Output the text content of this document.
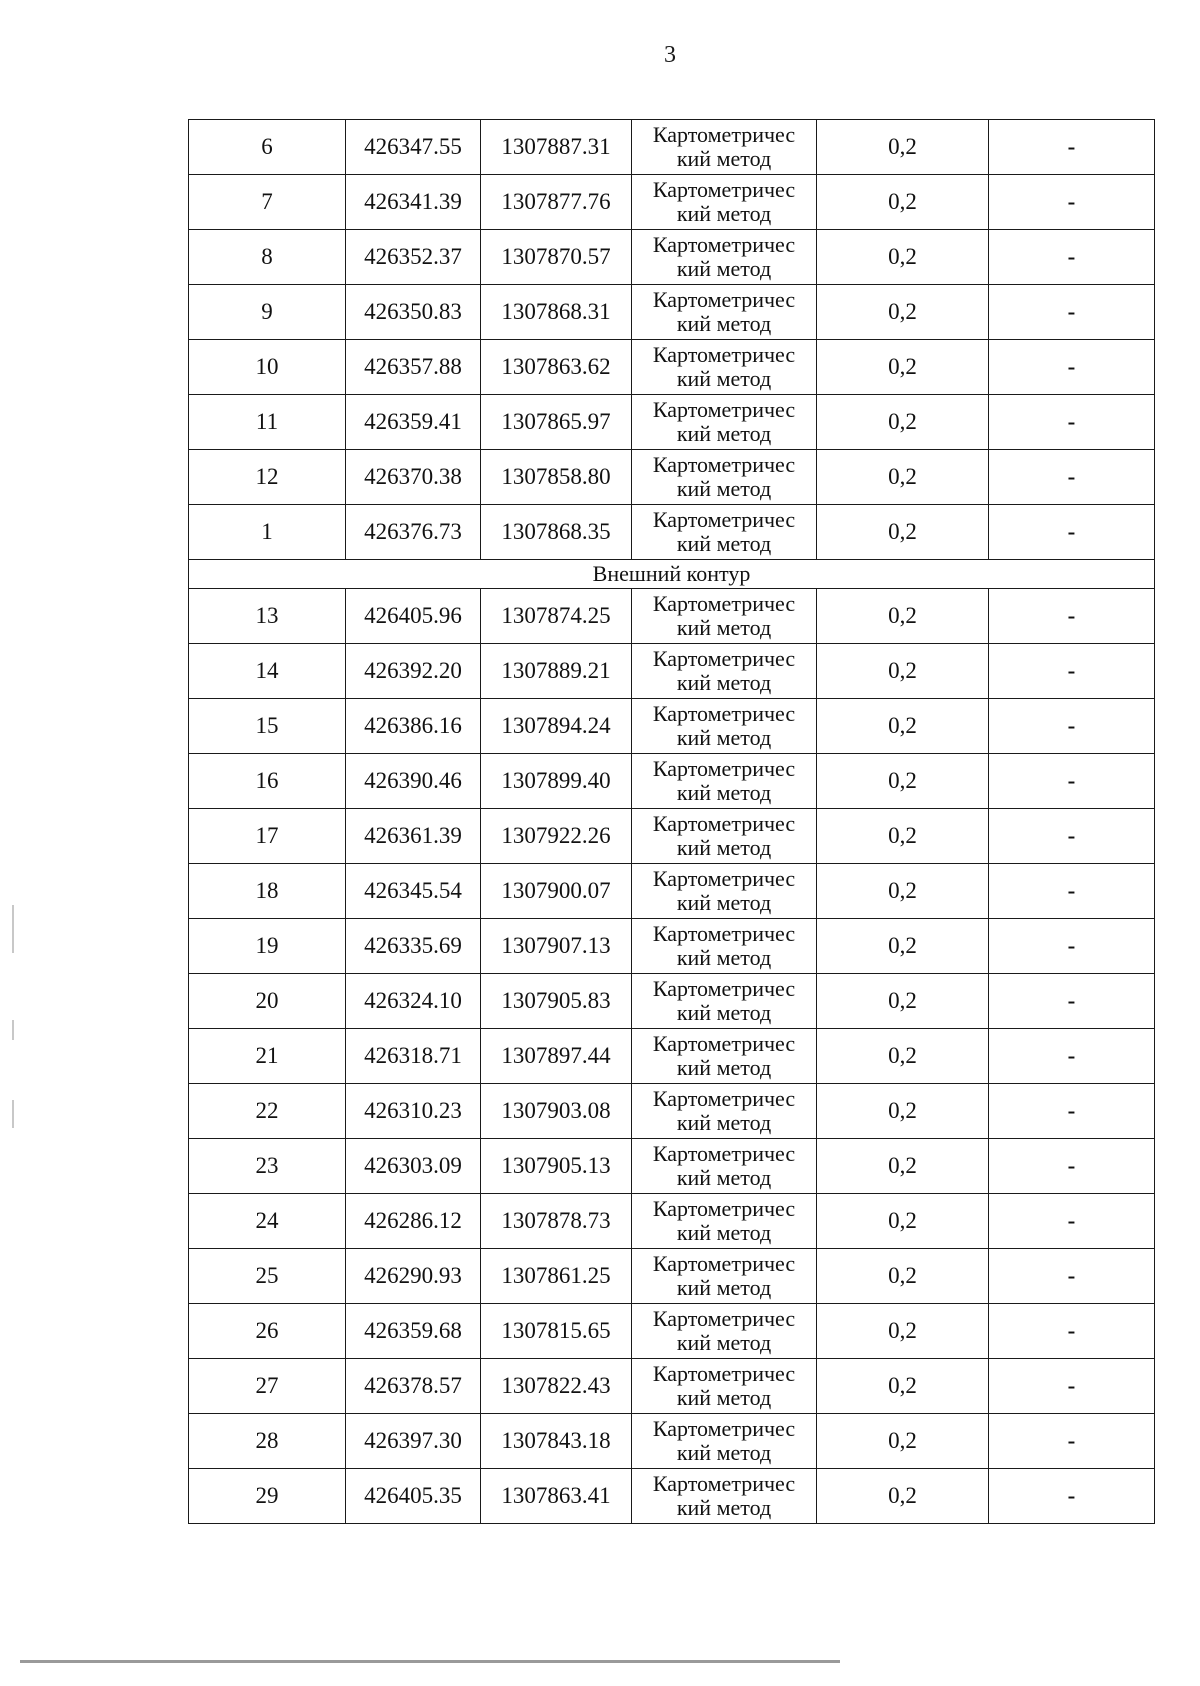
3
6	426347.55	1307887.31	Картометричес
кий метод	0,2	-
7	426341.39	1307877.76	Картометричес
кий метод	0,2	-
8	426352.37	1307870.57	Картометричес
кий метод	0,2	-
9	426350.83	1307868.31	Картометричес
кий метод	0,2	-
10	426357.88	1307863.62	Картометричес
кий метод	0,2	-
11	426359.41	1307865.97	Картометричес
кий метод	0,2	-
12	426370.38	1307858.80	Картометричес
кий метод	0,2	-
1	426376.73	1307868.35	Картометричес
кий метод	0,2	-
Внешний контур					
13	426405.96	1307874.25	Картометричес
кий метод	0,2	-
14	426392.20	1307889.21	Картометричес
кий метод	0,2	-
15	426386.16	1307894.24	Картометричес
кий метод	0,2	-
16	426390.46	1307899.40	Картометричес
кий метод	0,2	-
17	426361.39	1307922.26	Картометричес
кий метод	0,2	-
18	426345.54	1307900.07	Картометричес
кий метод	0,2	-
19	426335.69	1307907.13	Картометричес
кий метод	0,2	-
20	426324.10	1307905.83	Картометричес
кий метод	0,2	-
21	426318.71	1307897.44	Картометричес
кий метод	0,2	-
22	426310.23	1307903.08	Картометричес
кий метод	0,2	-
23	426303.09	1307905.13	Картометричес
кий метод	0,2	-
24	426286.12	1307878.73	Картометричес
кий метод	0,2	-
25	426290.93	1307861.25	Картометричес
кий метод	0,2	-
26	426359.68	1307815.65	Картометричес
кий метод	0,2	-
27	426378.57	1307822.43	Картометричес
кий метод	0,2	-
28	426397.30	1307843.18	Картометричес
кий метод	0,2	-
29	426405.35	1307863.41	Картометричес
кий метод	0,2	-
